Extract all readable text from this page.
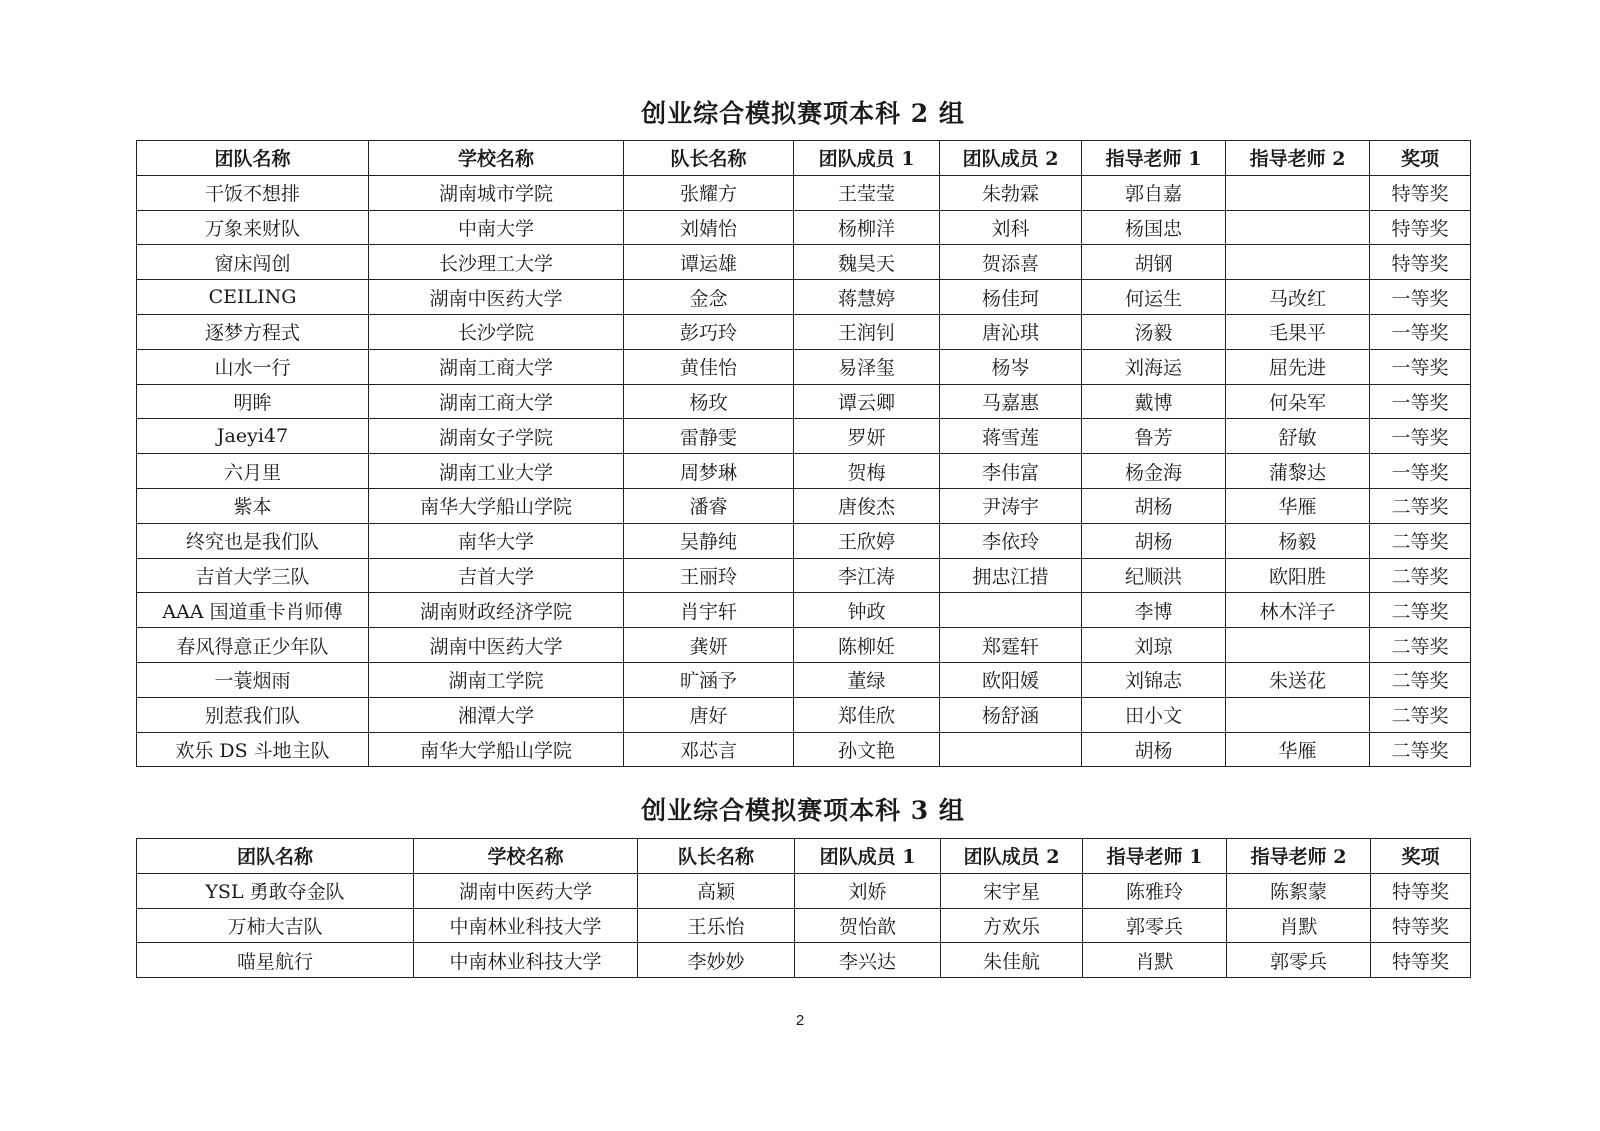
创业综合模拟赛项本科 2 组
团队名称	学校名称	队长名称	团队成员 1	团队成员 2	指导老师 1	指导老师 2	奖项
干饭不想排	湖南城市学院	张耀方	王莹莹	朱勃霖	郭自嘉		特等奖
万象来财队	中南大学	刘婧怡	杨柳洋	刘科	杨国忠		特等奖
窗床闯创	长沙理工大学	谭运雄	魏昊天	贺添喜	胡钢		特等奖
CEILING	湖南中医药大学	金念	蒋慧婷	杨佳珂	何运生	马改红	一等奖
逐梦方程式	长沙学院	彭巧玲	王润钊	唐沁琪	汤毅	毛果平	一等奖
山水一行	湖南工商大学	黄佳怡	易泽玺	杨岑	刘海运	屈先进	一等奖
明眸	湖南工商大学	杨玫	谭云卿	马嘉惠	戴博	何朵军	一等奖
Jaeyi47	湖南女子学院	雷静雯	罗妍	蒋雪莲	鲁芳	舒敏	一等奖
六月里	湖南工业大学	周梦琳	贺梅	李伟富	杨金海	蒲黎达	一等奖
紫本	南华大学船山学院	潘睿	唐俊杰	尹涛宇	胡杨	华雁	二等奖
终究也是我们队	南华大学	吴静纯	王欣婷	李依玲	胡杨	杨毅	二等奖
吉首大学三队	吉首大学	王丽玲	李江涛	拥忠江措	纪顺洪	欧阳胜	二等奖
AAA 国道重卡肖师傅	湖南财政经济学院	肖宇轩	钟政		李博	林木洋子	二等奖
春风得意正少年队	湖南中医药大学	龚妍	陈柳妊	郑霆轩	刘琼		二等奖
一蓑烟雨	湖南工学院	旷涵予	董绿	欧阳媛	刘锦志	朱送花	二等奖
别惹我们队	湘潭大学	唐好	郑佳欣	杨舒涵	田小文		二等奖
欢乐 DS 斗地主队	南华大学船山学院	邓芯言	孙文艳		胡杨	华雁	二等奖
创业综合模拟赛项本科 3 组
团队名称	学校名称	队长名称	团队成员 1	团队成员 2	指导老师 1	指导老师 2	奖项
YSL 勇敢夺金队	湖南中医药大学	高颖	刘娇	宋宇星	陈雅玲	陈絮蒙	特等奖
万柿大吉队	中南林业科技大学	王乐怡	贺怡歆	方欢乐	郭零兵	肖默	特等奖
喵星航行	中南林业科技大学	李妙妙	李兴达	朱佳航	肖默	郭零兵	特等奖
2
